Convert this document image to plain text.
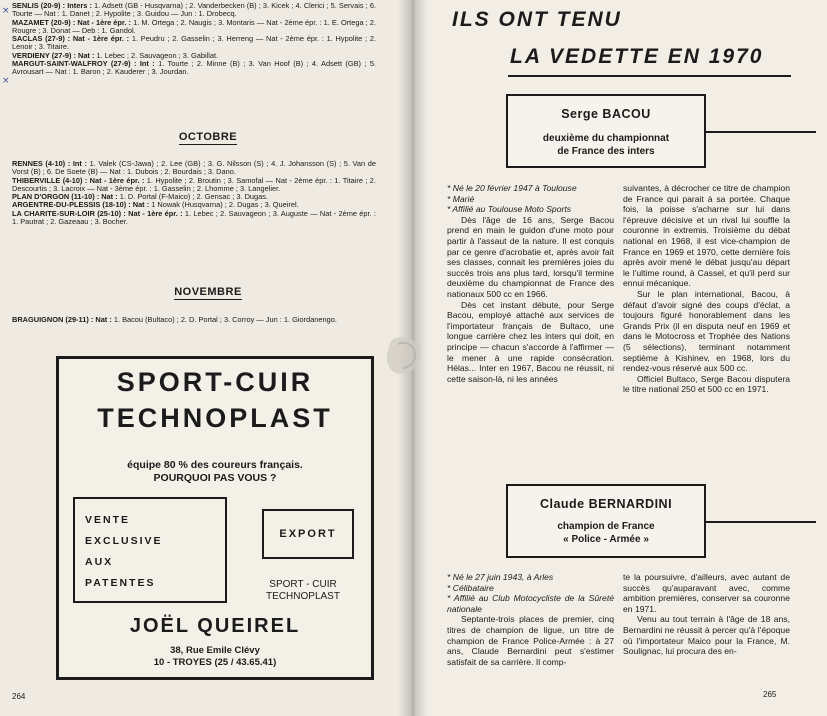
SENLIS (20-9) : Inters : 1. Adsett (GB - Husqvarna) ; 2. Vanderbecken (B) ; 3. Kicek ; 4. Clerici ; 5. Servais ; 6. Tourte — Nat : 1. Danet ; 2. Hypolite ; 3. Guidou — Jun : 1. Drobecq.

MAZAMET (20-9) : Nat - 1ère épr. : 1. M. Ortega ; 2. Naugis ; 3. Montaris — Nat - 2ème épr. : 1. E. Ortega ; 2. Rougre ; 3. Donat — Deb : 1. Gandol.

SACLAS (27-9) : Nat - 1ère épr. : 1. Peudru ; 2. Gasselin ; 3. Herreng — Nat - 2ème épr. : 1. Hypolite ; 2. Lenoir ; 3. Titaire.

VERDIENY (27-9) : Nat : 1. Lebec ; 2. Sauvageon ; 3. Gabillat.

MARGUT-SAINT-WALFROY (27-9) : Int : 1. Tourte ; 2. Minne (B) ; 3. Van Hoof (B) ; 4. Adsett (GB) ; 5. Avrousart — Nat : 1. Baron ; 2. Kauderer ; 3. Jourdan.

×
×
OCTOBRE

RENNES (4-10) : Int : 1. Valek (CS-Jawa) ; 2. Lee (GB) ; 3. G. Nilsson (S) ; 4. J. Johansson (S) ; 5. Van de Vorst (B) ; 6. De Soete (B) — Nat : 1. Dubois ; 2. Bourdais ; 3. Dano.

THIBERVILLE (4-10) : Nat - 1ère épr. : 1. Hypolite ; 2. Broutin ; 3. Samofal — Nat - 2ème épr. : 1. Titaire ; 2. Descourtis ; 3. Lacroix — Nat - 3ème épr. : 1. Gasselin ; 2. Lhomme ; 3. Langelier.

PLAN D'ORGON (11-10) : Nat : 1. D. Portal (F-Maico) ; 2. Gensac ; 3. Dugas.

ARGENTRE-DU-PLESSIS (18-10) : Nat : 1 Nowak (Husqvarna) ; 2. Dugas ; 3. Queirel.

LA CHARITE-SUR-LOIR (25-10) : Nat - 1ère épr. : 1. Lebec ; 2. Sauvageon ; 3. Auguste — Nat - 2ème épr. : 1. Pautrat ; 2. Gazeaau ; 3. Bocher.

NOVEMBRE

BRAGUIGNON (29-11) : Nat : 1. Bacou (Bultaco) ; 2. D. Portal ; 3. Corroy — Jun : 1. Giordanengo.

SPORT-CUIR
TECHNOPLAST
équipe 80 % des coureurs français.
POURQUOI PAS VOUS ?
VENTE
EXCLUSIVE
AUX
PATENTES
EXPORT
SPORT - CUIR
TECHNOPLAST
JOËL QUEIREL
38, Rue Emile Clévy
10 - TROYES (25 / 43.65.41)
264
ILS ONT TENU
LA VEDETTE EN 1970
Serge BACOU
deuxième du championnat
de France des inters

* Né le 20 février 1947 à Toulouse

* Marié

* Affilié au Toulouse Moto Sports

Dès l'âge de 16 ans, Serge Bacou prend en main le guidon d'une moto pour partir à l'assaut de la nature. Il est conquis par ce genre d'acrobatie et, après avoir fait ses classes, connait les premières joies du succès trois ans plus tard, lorsqu'il termine deuxième du championnat de France des nationaux 500 cc en 1966.

Dès cet instant débute, pour Serge Bacou, employé attaché aux services de l'importateur français de Bultaco, une longue carrière chez les inters qui doit, en principe — chacun s'accorde à l'affirmer — le mener à une rapide consécration. Hélas... Inter en 1967, Bacou ne réussit, ni cette saison-là, ni les années

suivantes, à décrocher ce titre de champion de France qui parait à sa portée. Chaque fois, la poisse s'acharne sur lui dans l'épreuve décisive et un rival lui souffle la couronne in extremis. Troisième du débat national en 1968, il est vice-champion de France en 1969 et 1970, cette dernière fois après avoir mené le débat jusqu'au départ le l'ultime round, à Cassel, et qu'il perd sur ennui mécanique.

Sur le plan international, Bacou, à défaut d'avoir signé des coups d'éclat, a toujours figuré honorablement dans les Grands Prix (il en disputa neuf en 1969 et dans le Motocross et Trophée des Nations (5 sélections), terminant notamment septième à Kishinev, en 1968, lors du rendez-vous réservé aux 500 cc.

Officiel Bultaco, Serge Bacou disputera le titre national 250 et 500 cc en 1971.

Claude BERNARDINI
champion de France
« Police - Armée »

* Né le 27 juin 1943, à Arles

* Célibataire

* Affilié au Club Motocycliste de la Sûreté nationale

Septante-trois places de premier, cinq titres de champion de ligue, un titre de champion de France Police-Armée : à 27 ans, Claude Bernardini peut s'estimer satisfait de sa carrière. Il comp-

te la poursuivre, d'ailleurs, avec autant de succès qu'auparavant avec, comme ambition premières, conserver sa couronne en 1971.

Venu au tout terrain à l'âge de 18 ans, Bernardini ne réussit à percer qu'à l'époque où l'importateur Maico pour la France, M. Soulignac, lui procura des en-

265
